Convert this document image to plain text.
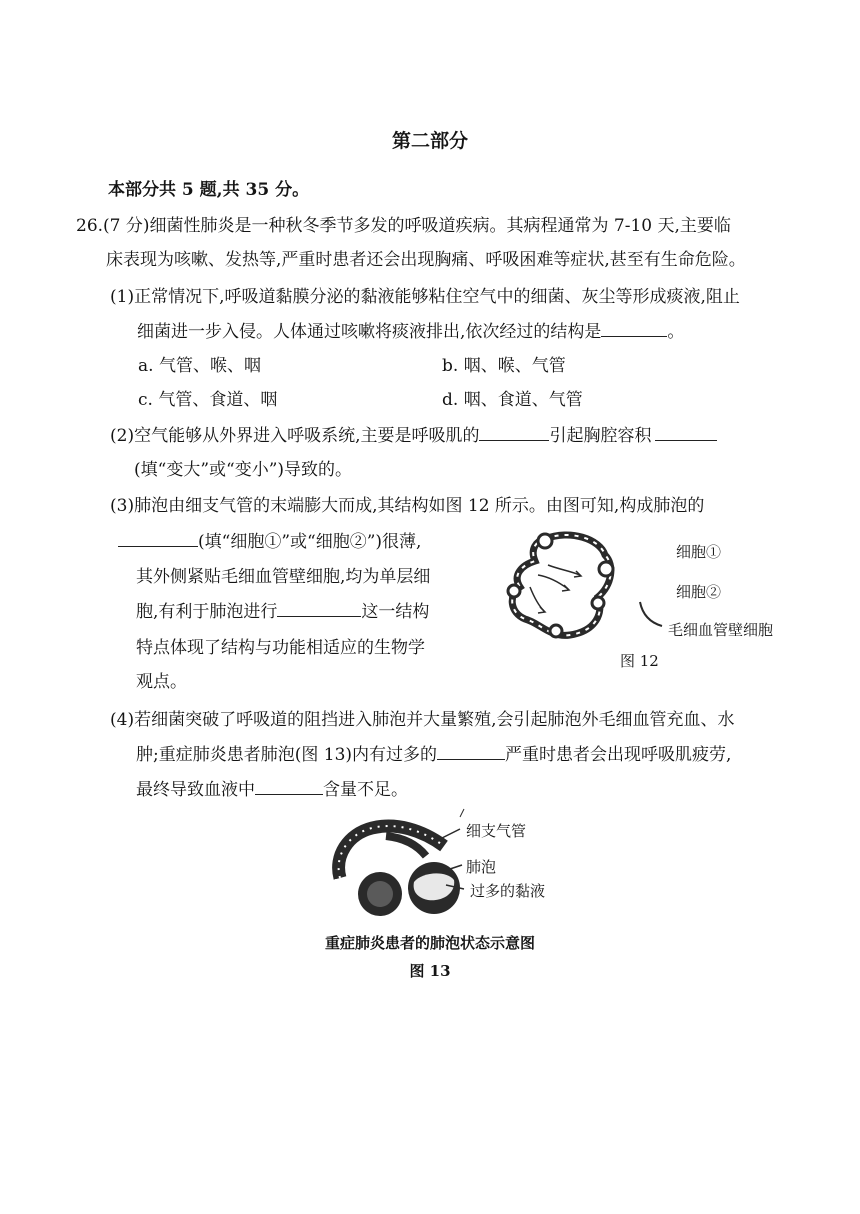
第二部分
本部分共 5 题,共 35 分。
26.(7 分)细菌性肺炎是一种秋冬季节多发的呼吸道疾病。其病程通常为 7-10 天,主要临
床表现为咳嗽、发热等,严重时患者还会出现胸痛、呼吸困难等症状,甚至有生命危险。
(1)正常情况下,呼吸道黏膜分泌的黏液能够粘住空气中的细菌、灰尘等形成痰液,阻止
细菌进一步入侵。人体通过咳嗽将痰液排出,依次经过的结构是	。
a. 气管、喉、咽	b. 咽、喉、气管
c. 气管、食道、咽	d. 咽、食道、气管
(2)空气能够从外界进入呼吸系统,主要是呼吸肌的	引起胸腔容积
(填“变大”或“变小”)导致的。
(3)肺泡由细支气管的末端膨大而成,其结构如图 12 所示。由图可知,构成肺泡的
(填“细胞①”或“细胞②”)很薄,
其外侧紧贴毛细血管壁细胞,均为单层细
胞,有利于肺泡进行	这一结构
特点体现了结构与功能相适应的生物学
观点。
细胞①
细胞②
毛细血管壁细胞
图 12
(4)若细菌突破了呼吸道的阻挡进入肺泡并大量繁殖,会引起肺泡外毛细血管充血、水
肿;重症肺炎患者肺泡(图 13)内有过多的	严重时患者会出现呼吸肌疲劳,
最终导致血液中	含量不足。
细支气管
肺泡
过多的黏液
重症肺炎患者的肺泡状态示意图
图 13
